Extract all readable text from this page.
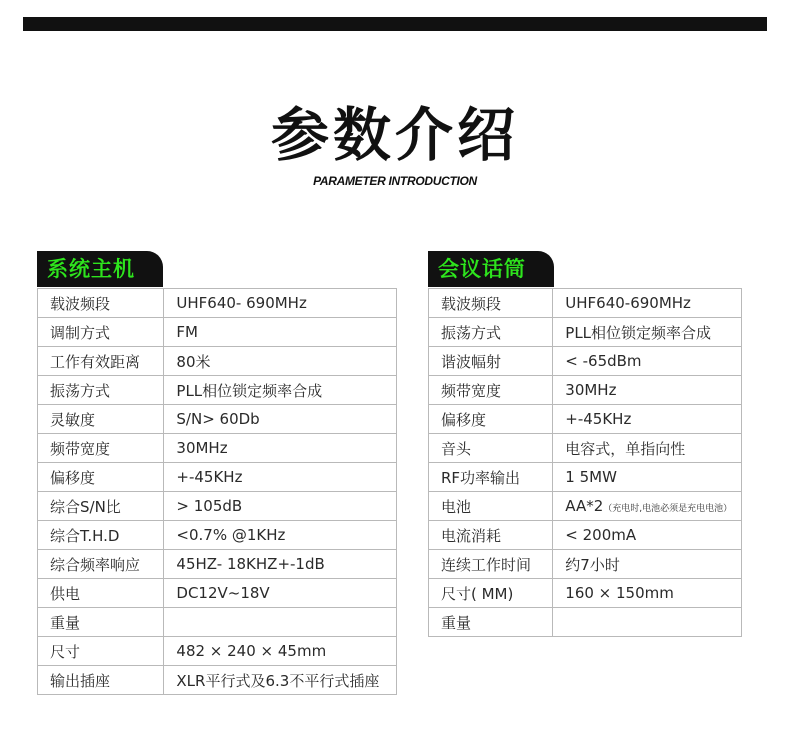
参数介绍
PARAMETER INTRODUCTION
系统主机
载波频段	UHF640- 690MHz
调制方式	FM
工作有效距离	80米
振荡方式	PLL相位锁定频率合成
灵敏度	S/N> 60Db
频带宽度	30MHz
偏移度	+-45KHz
综合S/N比	> 105dB
综合T.H.D	<0.7% @1KHz
综合频率响应	45HZ- 18KHZ+-1dB
供电	DC12V~18V
重量	
尺寸	482 × 240 × 45mm
输出插座	XLR平行式及6.3不平行式插座
会议话筒
载波频段	UHF640-690MHz
振荡方式	PLL相位锁定频率合成
谐波幅射	< -65dBm
频带宽度	30MHz
偏移度	+-45KHz
音头	电容式，单指向性
RF功率输出	1 5MW
电池	AA*2（充电时,电池必须是充电电池）
电流消耗	< 200mA
连续工作时间	约7小时
尺寸( MM)	160 × 150mm
重量	
